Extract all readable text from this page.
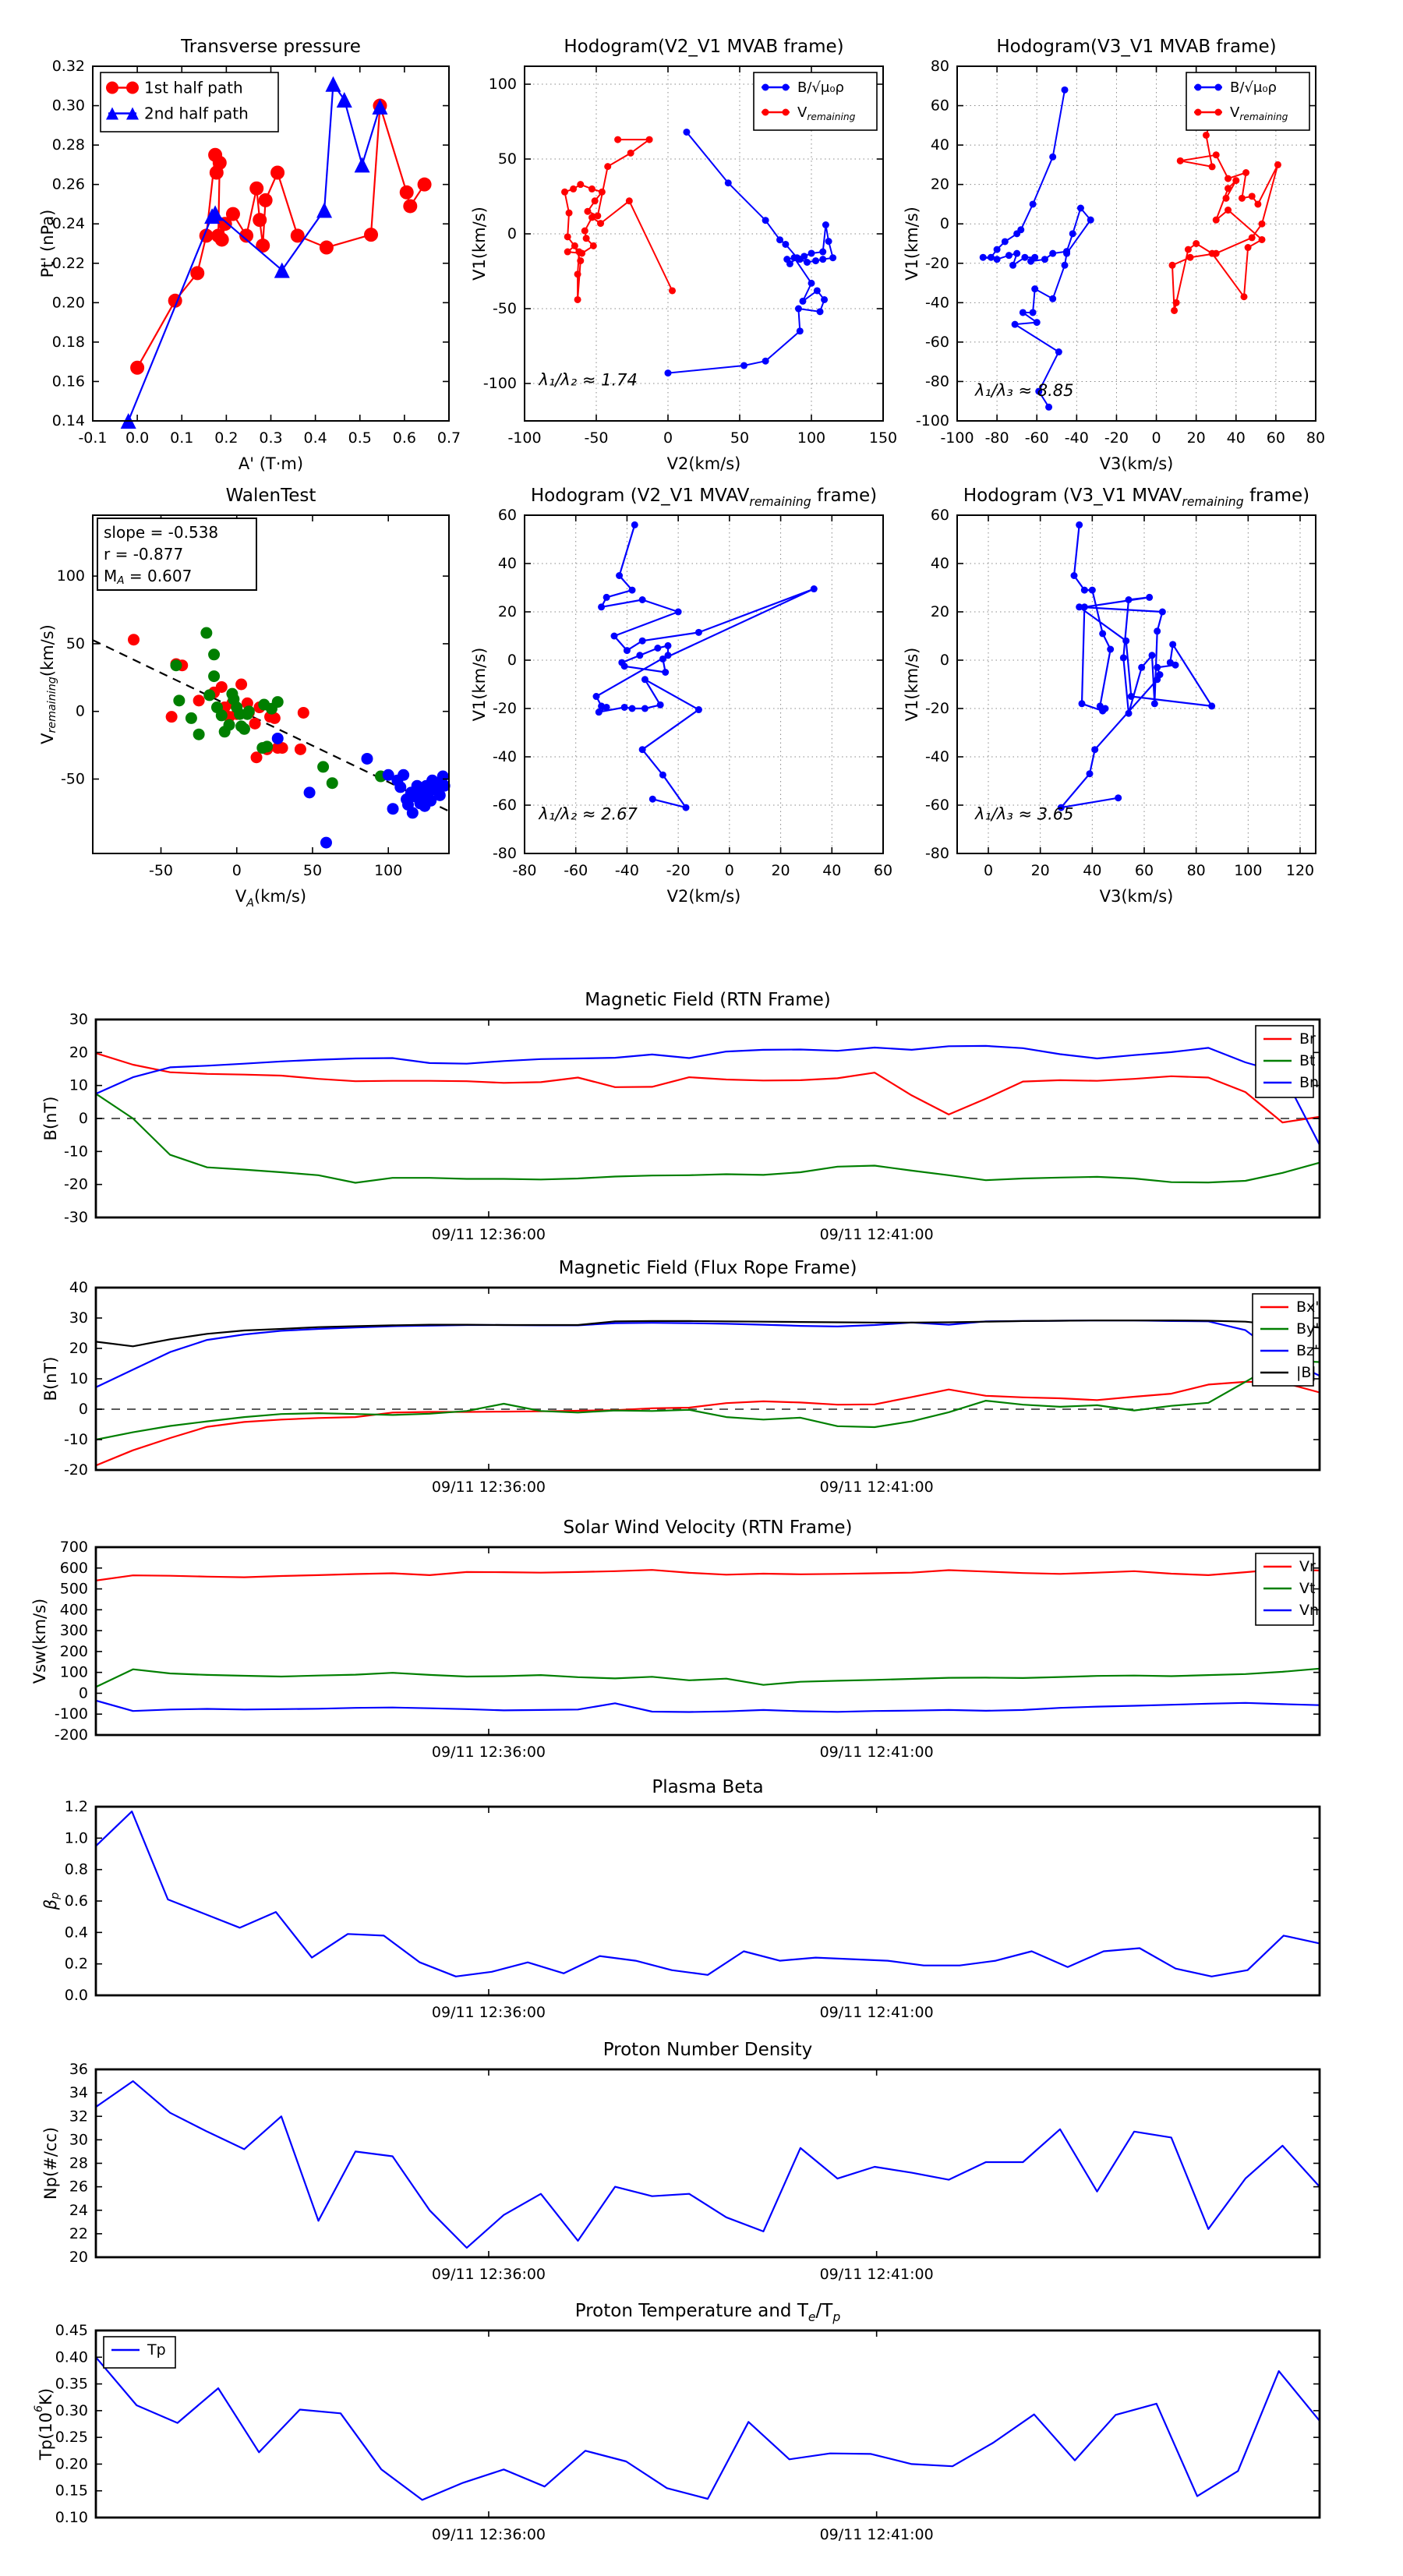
-0.1 0.0 0.1 0.2 0.3 0.4 0.5 0.6 0.7
0.14
0.16
0.18
0.20
0.22
0.24
0.26
0.28
0.30
0.32
Transverse pressure
A' (T·m)
Pt' (nPa)
1st half path
2nd half path
-100	-50	0	50	100	150
-100
-50
0
50
100
Hodogram(V2_V1 MVAB frame)
V2(km/s)
V1(km/s)
B/√μ₀ρ
$V_{remaining}$
λ₁/λ₂ ≈ 1.74
-100 -80 -60 -40 -20 0 20 40 60 80
-100
-80
-60
-40
-20
0
20
40
60
80
Hodogram(V3_V1 MVAB frame)
V3(km/s)
V1(km/s)
B/√μ₀ρ
$V_{remaining}$
λ₁/λ₃ ≈ 8.85
-50	0	50	100
-50
0
50
100
WalenTest
$V_A(km/s)$
$V_{remaining}(km/s)$
slope = -0.538
r = -0.877
$M_A = 0.607$
-80 -60 -40 -20 0	20 40 60
-80
-60
-40
-20
0
20
40
60
Hodogram (V2_V1 $MVAV_{remaining}$ frame)
V2(km/s)
V1(km/s)
λ₁/λ₂ ≈ 2.67
0	20 40 60 80 100 120
-80
-60
-40
-20
0
20
40
60
Hodogram (V3_V1 $MVAV_{remaining}$ frame)
V3(km/s)
V1(km/s)
λ₁/λ₃ ≈ 3.65
09/11 12:36:00	09/11 12:41:00
-30
-20
-10
0
10
20
30
Magnetic Field (RTN Frame)
B(nT)
Br
Bt
Bn
09/11 12:36:00	09/11 12:41:00
-20
-10
0
10
20
30
40
Magnetic Field (Flux Rope Frame)
B(nT)
Bx'
By'
Bz'
|B|
09/11 12:36:00	09/11 12:41:00
-200
-100
0
100
200
300
400
500
600
700
Solar Wind Velocity (RTN Frame)
Vsw(km/s)
Vr
Vt
Vn
09/11 12:36:00	09/11 12:41:00
0.0
0.2
0.4
0.6
0.8
1.0
1.2
Plasma Beta
$\beta_p$
09/11 12:36:00	09/11 12:41:00
20
22
24
26
28
30
32
34
36
Proton Number Density
Np(#/cc)
09/11 12:36:00	09/11 12:41:00
0.10
0.15
0.20
0.25
0.30
0.35
0.40
0.45
Proton Temperature and $T_e/T_p$
$Tp(10^6K)$
Tp
